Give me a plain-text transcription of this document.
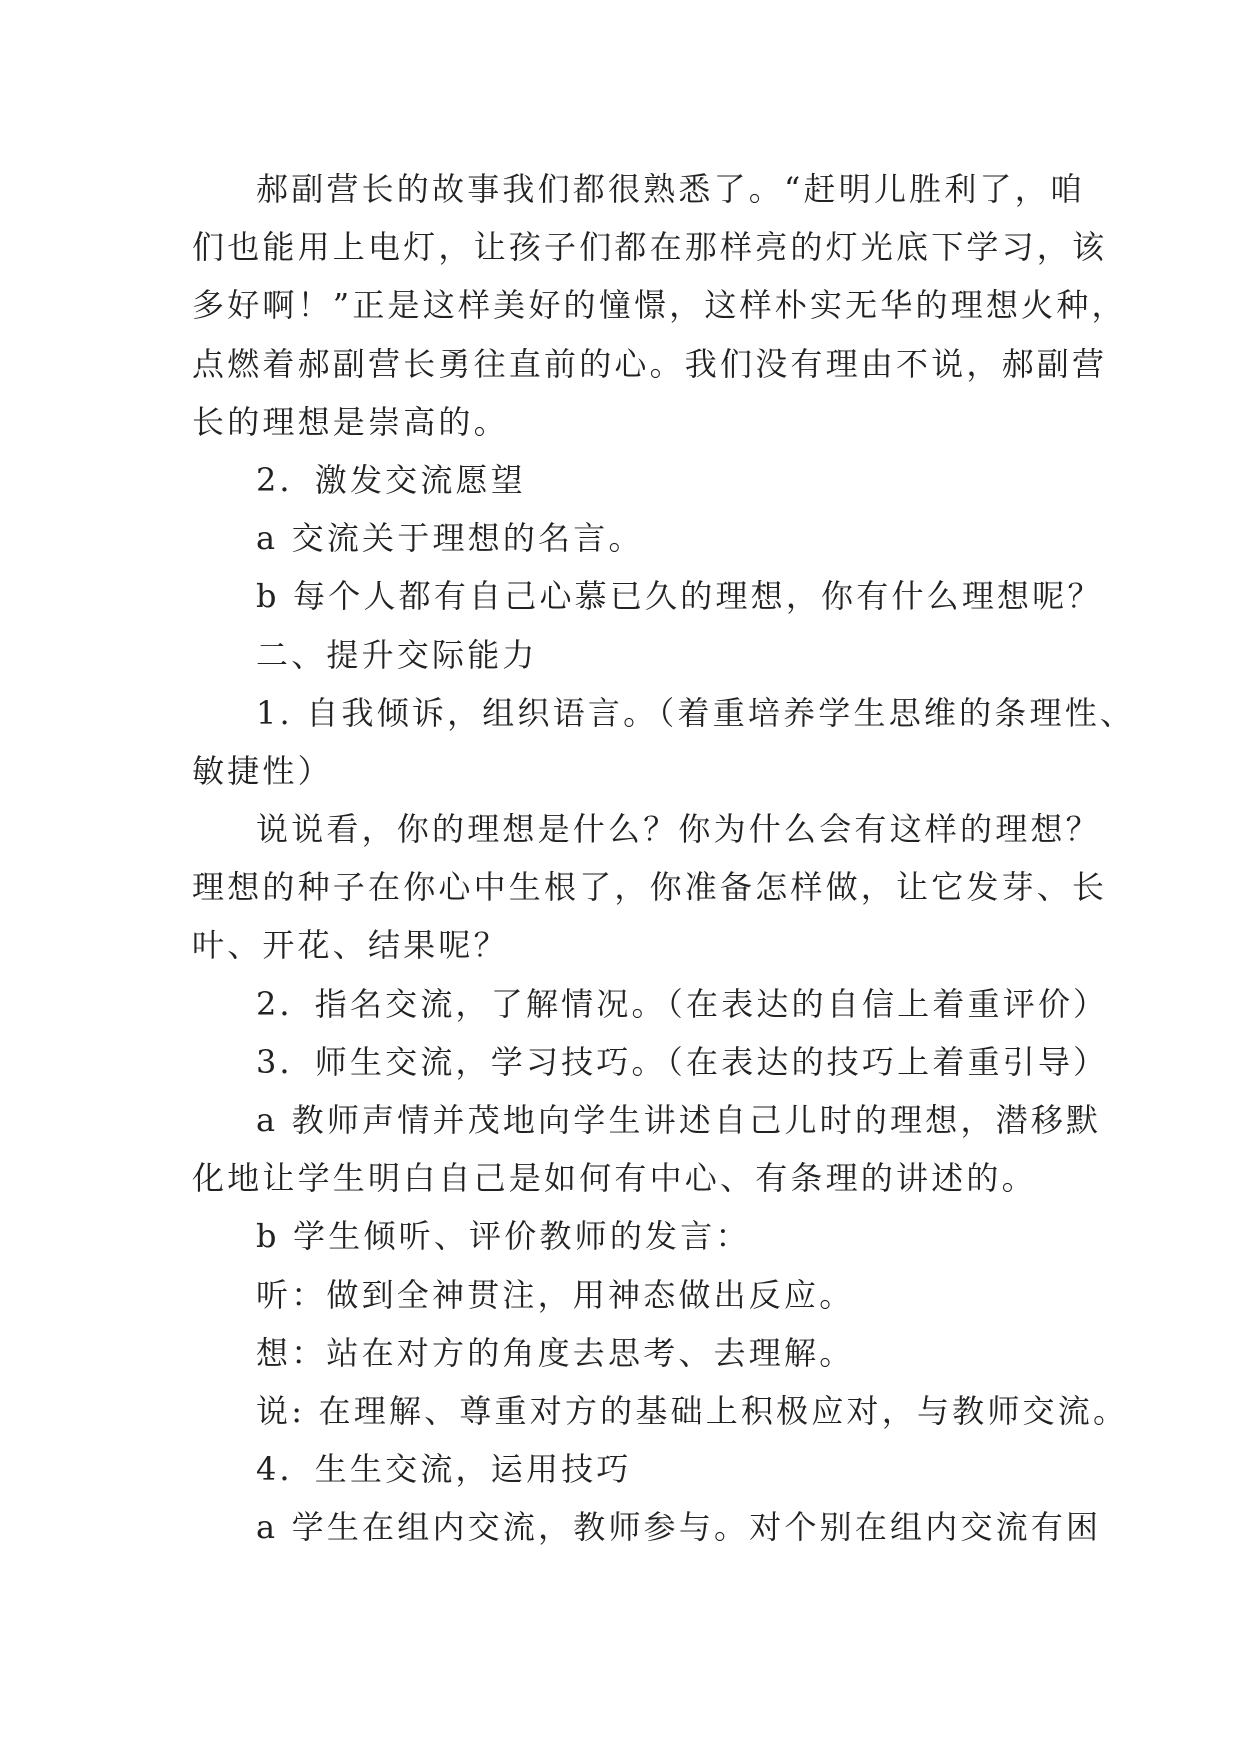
郝副营长的故事我们都很熟悉了。“赶明儿胜利了，咱

们也能用上电灯，让孩子们都在那样亮的灯光底下学习，该

多好啊！”正是这样美好的憧憬，这样朴实无华的理想火种，

点燃着郝副营长勇往直前的心。我们没有理由不说，郝副营

长的理想是崇高的。

2．激发交流愿望

a 交流关于理想的名言。

b 每个人都有自己心慕已久的理想，你有什么理想呢？

二、提升交际能力

1. 自我倾诉，组织语言。（着重培养学生思维的条理性、

敏捷性）

说说看，你的理想是什么？你为什么会有这样的理想？

理想的种子在你心中生根了，你准备怎样做，让它发芽、长

叶、开花、结果呢？

2．指名交流，了解情况。（在表达的自信上着重评价）

3．师生交流，学习技巧。（在表达的技巧上着重引导）

a 教师声情并茂地向学生讲述自己儿时的理想，潜移默

化地让学生明白自己是如何有中心、有条理的讲述的。

b 学生倾听、评价教师的发言：

听：做到全神贯注，用神态做出反应。

想：站在对方的角度去思考、去理解。

说: 在理解、尊重对方的基础上积极应对，与教师交流。

4．生生交流，运用技巧

a 学生在组内交流，教师参与。对个别在组内交流有困
